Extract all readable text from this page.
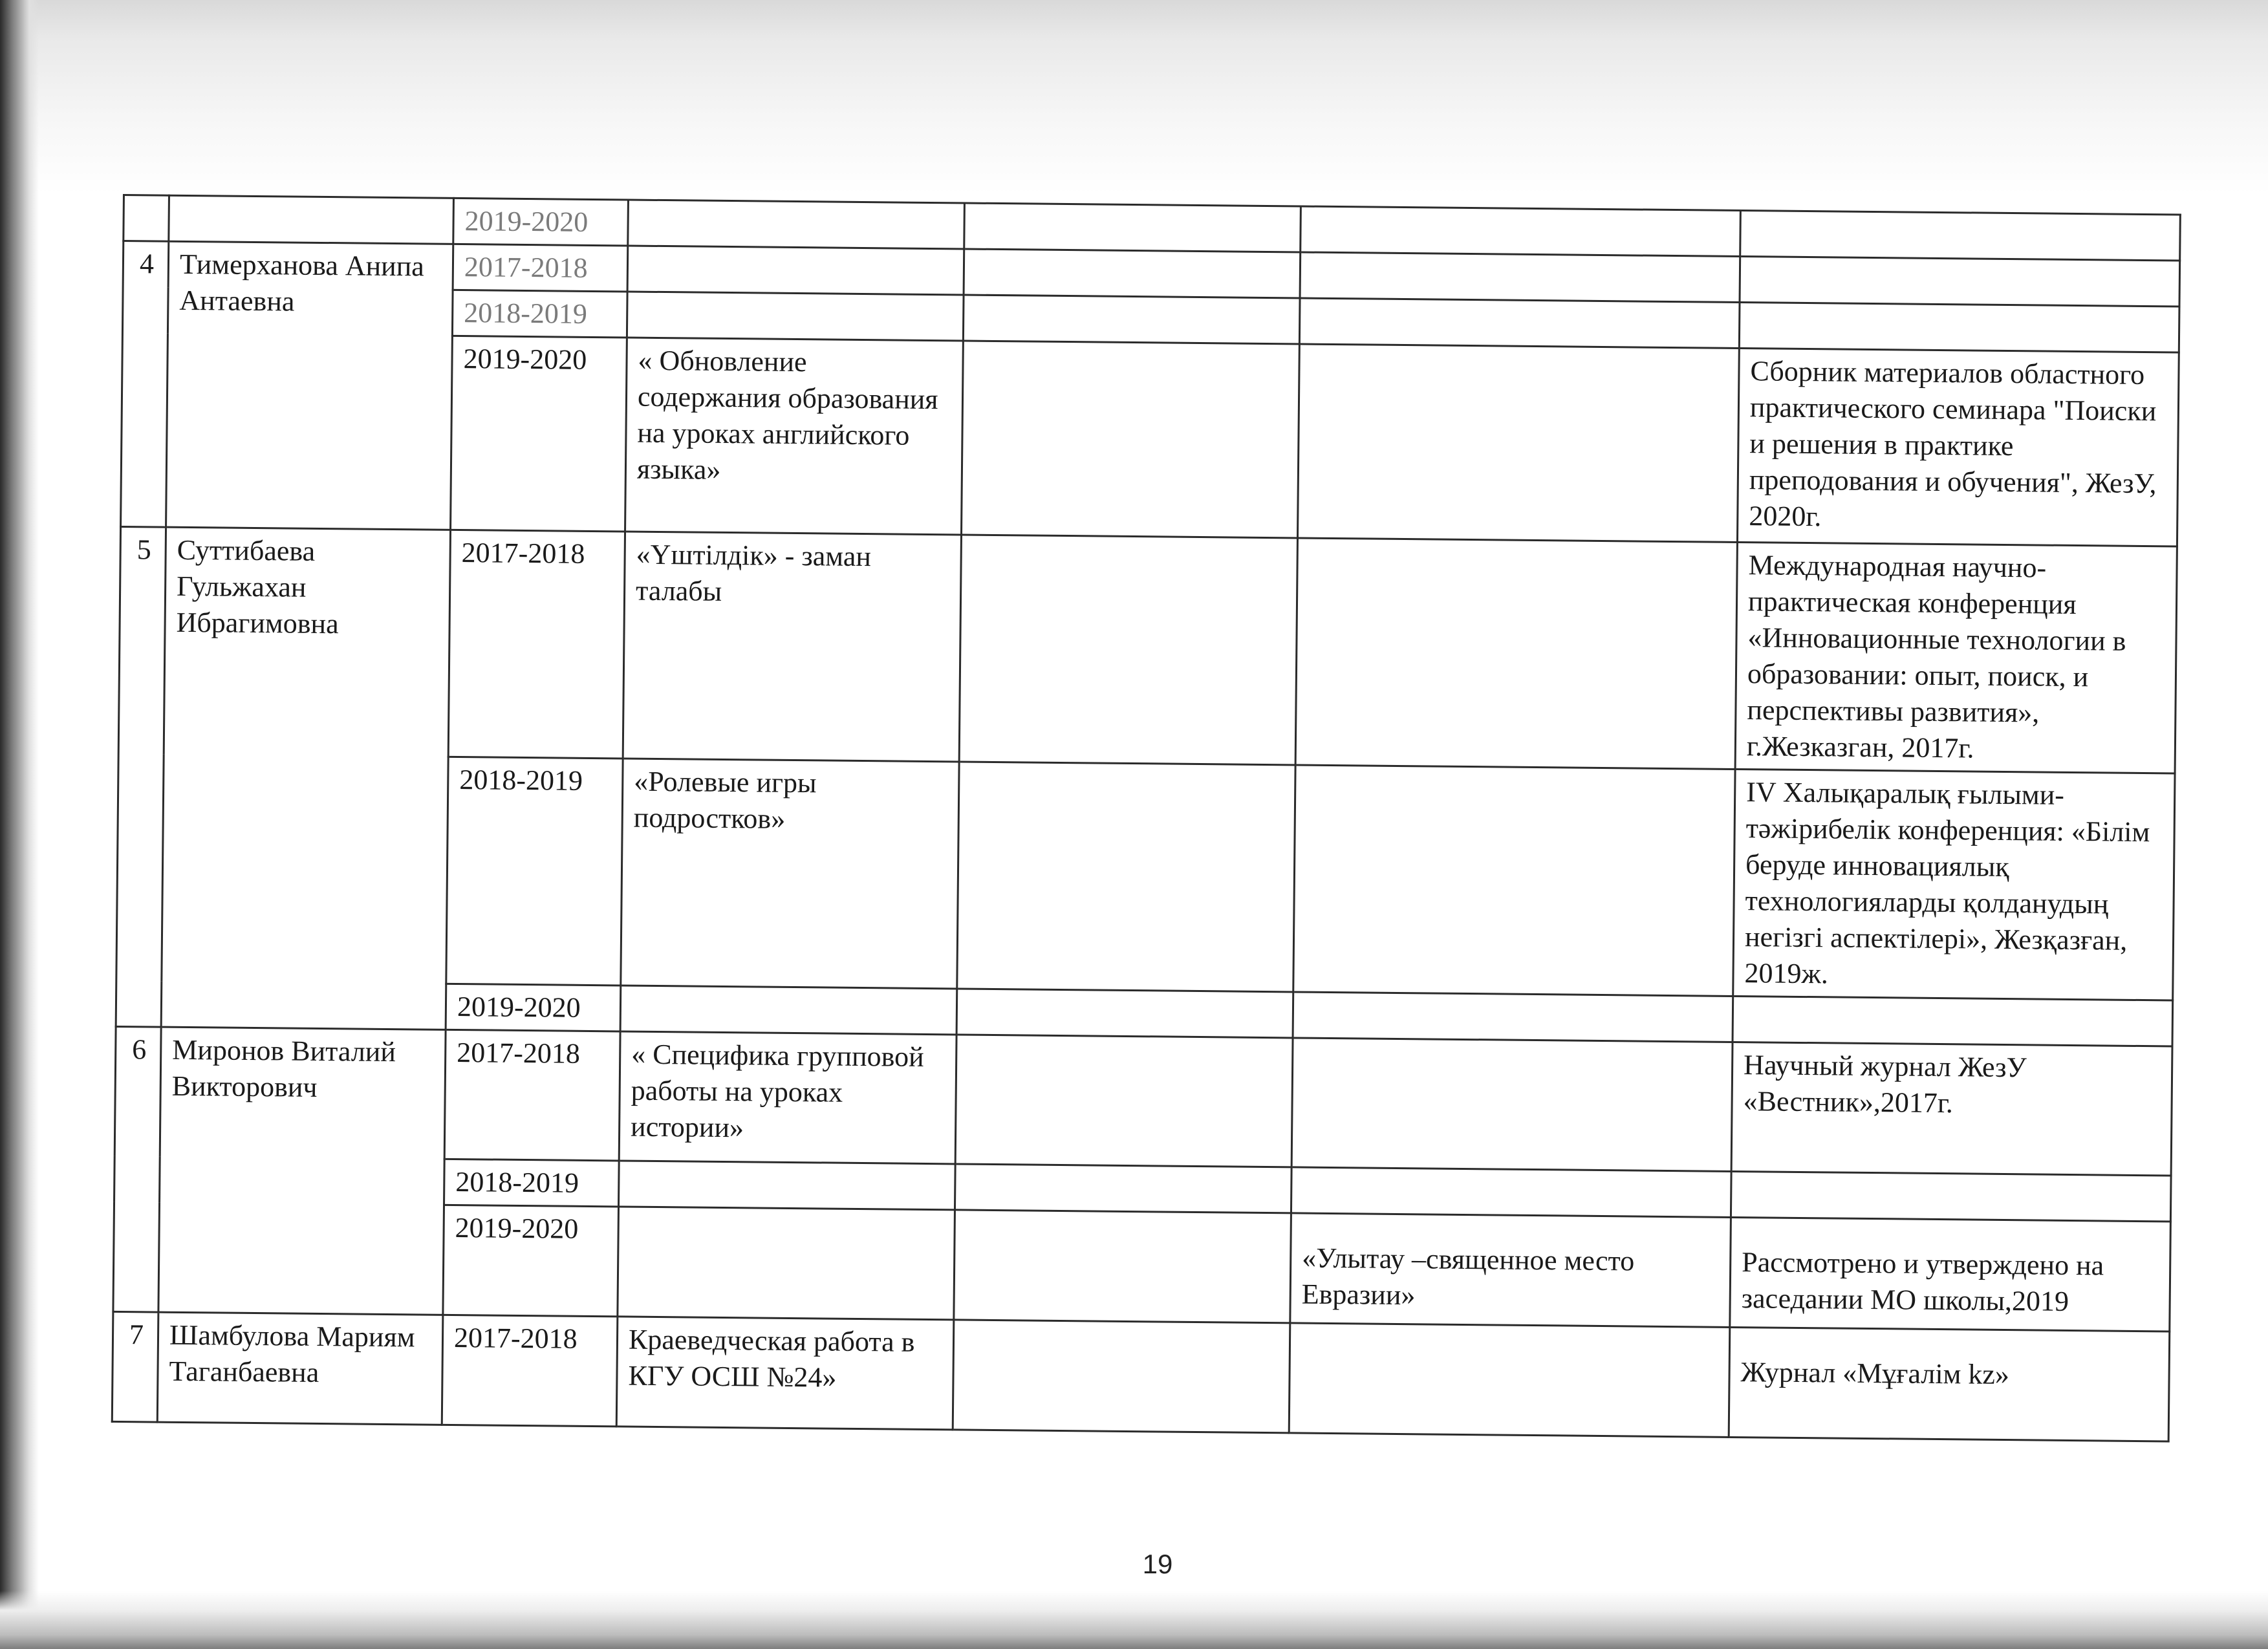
		2019-2020				
4	Тимерханова Анипа Антаевна	2017-2018				
		2018-2019				
		2019-2020	« Обновление содержания образования на уроках английского языка»			Сборник материалов областного практического семинара "Поиски и решения в практике преподования и обучения", ЖезУ, 2020г.
5	Суттибаева Гульжахан Ибрагимовна	2017-2018	«Үштілдік» - заман талабы			Международная научно-практическая конференция «Инновационные технологии в образовании: опыт, поиск, и перспективы развития», г.Жезказган, 2017г.
		2018-2019	«Ролевые игры подростков»			IV Халықаралық ғылыми-тәжірибелік конференция: «Білім беруде инновациялық технологияларды қолданудың негізгі аспектілері», Жезқазған, 2019ж.
		2019-2020				
6	Миронов Виталий Викторович	2017-2018	« Специфика групповой работы на уроках истории»			Научный журнал ЖезУ «Вестник»,2017г.
		2018-2019				
		2019-2020			«Улытау –священное место Евразии»	Рассмотрено и утверждено на заседании МО школы,2019
7	Шамбулова Мариям Таганбаевна	2017-2018	Краеведческая работа в КГУ ОСШ №24»			Журнал «Мұғалім kz»
19
